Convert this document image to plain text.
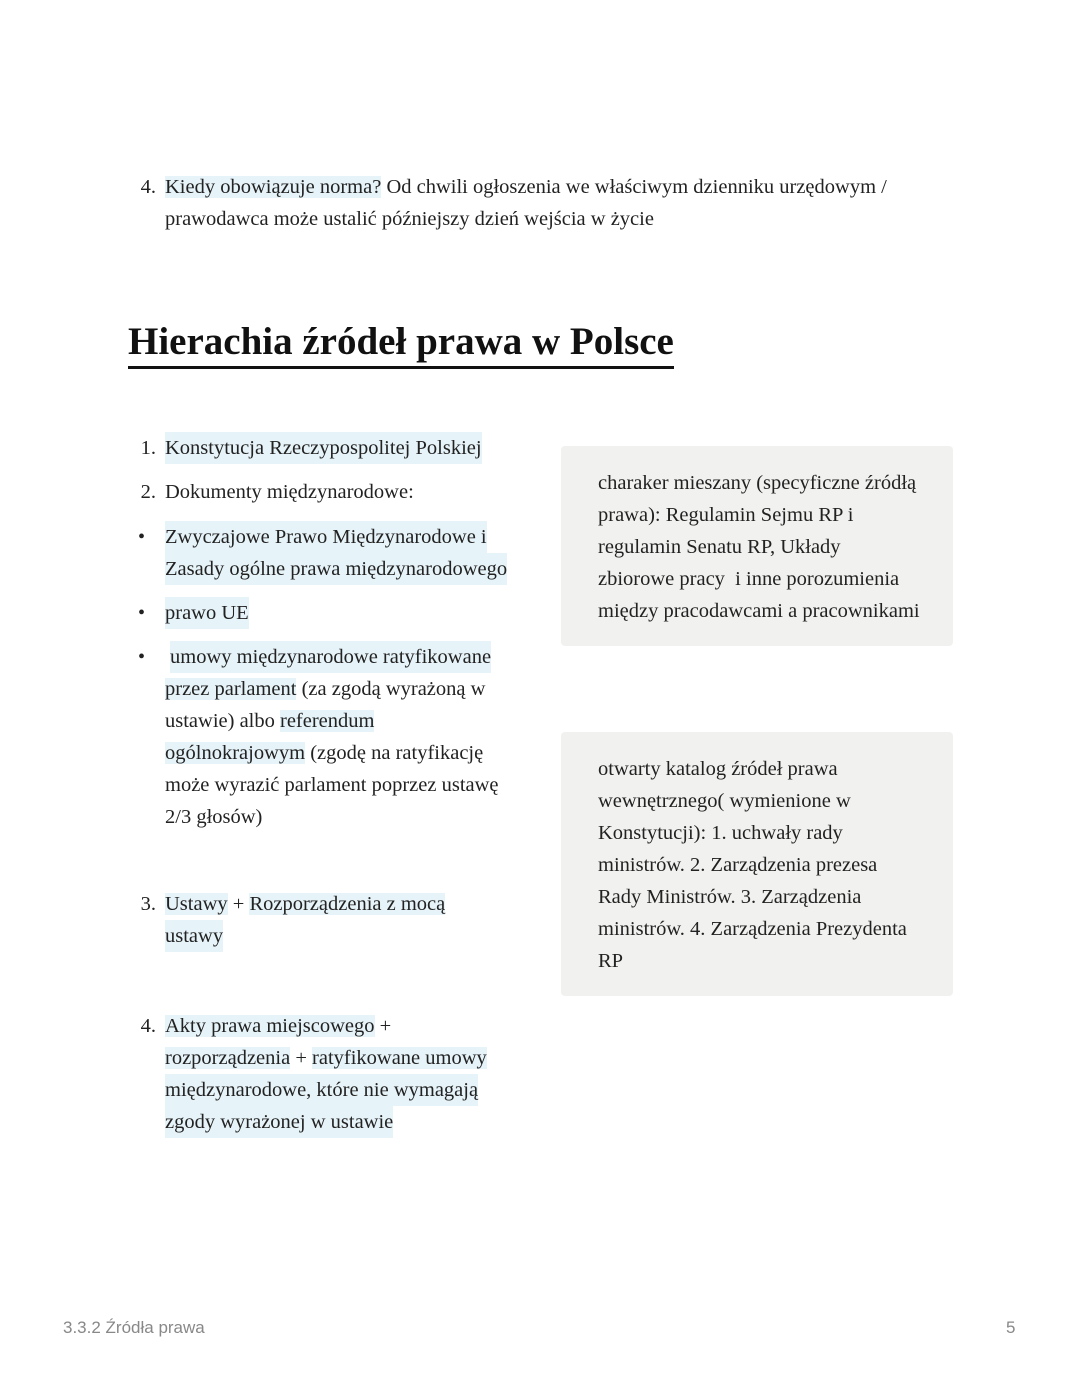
4. Kiedy obowiązuje norma? Od chwili ogłoszenia we właściwym dzienniku urzędowym /
prawodawca może ustalić późniejszy dzień wejścia w życie
Hierachia źródeł prawa w Polsce
1. Konstytucja Rzeczypospolitej Polskiej
2. Dokumenty międzynarodowe:
• Zwyczajowe Prawo Międzynarodowe i
Zasady ogólne prawa międzynarodowego
• prawo UE
• umowy międzynarodowe ratyfikowane
przez parlament (za zgodą wyrażoną w
ustawie) albo referendum
ogólnokrajowym (zgodę na ratyfikację
może wyrazić parlament poprzez ustawę
2/3 głosów)
3. Ustawy + Rozporządzenia z mocą
ustawy
4. Akty prawa miejscowego +
rozporządzenia + ratyfikowane umowy
międzynarodowe, które nie wymagają
zgody wyrażonej w ustawie
charaker mieszany (specyficzne źródłą
prawa): Regulamin Sejmu RP i
regulamin Senatu RP, Układy
zbiorowe pracy  i inne porozumienia
między pracodawcami a pracownikami
otwarty katalog źródeł prawa
wewnętrznego( wymienione w
Konstytucji): 1. uchwały rady
ministrów. 2. Zarządzenia prezesa
Rady Ministrów. 3. Zarządzenia
ministrów. 4. Zarządzenia Prezydenta
RP
3.3.2 Źródła prawa	5
